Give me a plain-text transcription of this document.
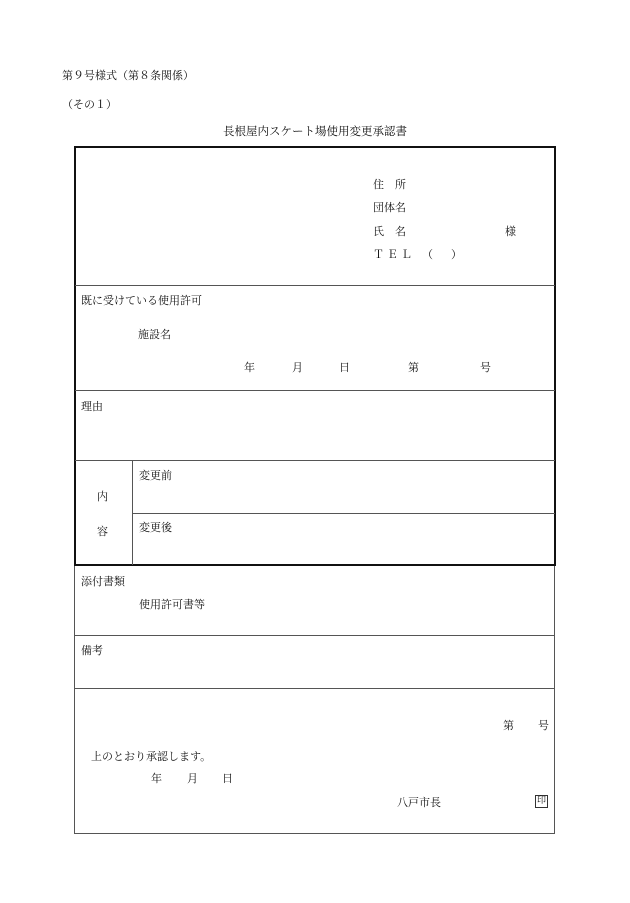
第９号様式（第８条関係）
（その１）
長根屋内スケート場使用変更承認書
住　所
団体名
氏　名	様
ＴＥＬ （ ）
既に受けている使用許可
施設名
年	月	日	第	号
理由
内
容
変更前
変更後
添付書類
使用許可書等
備考
第 号
上のとおり承認します。
年 月 日
八戸市長	印
